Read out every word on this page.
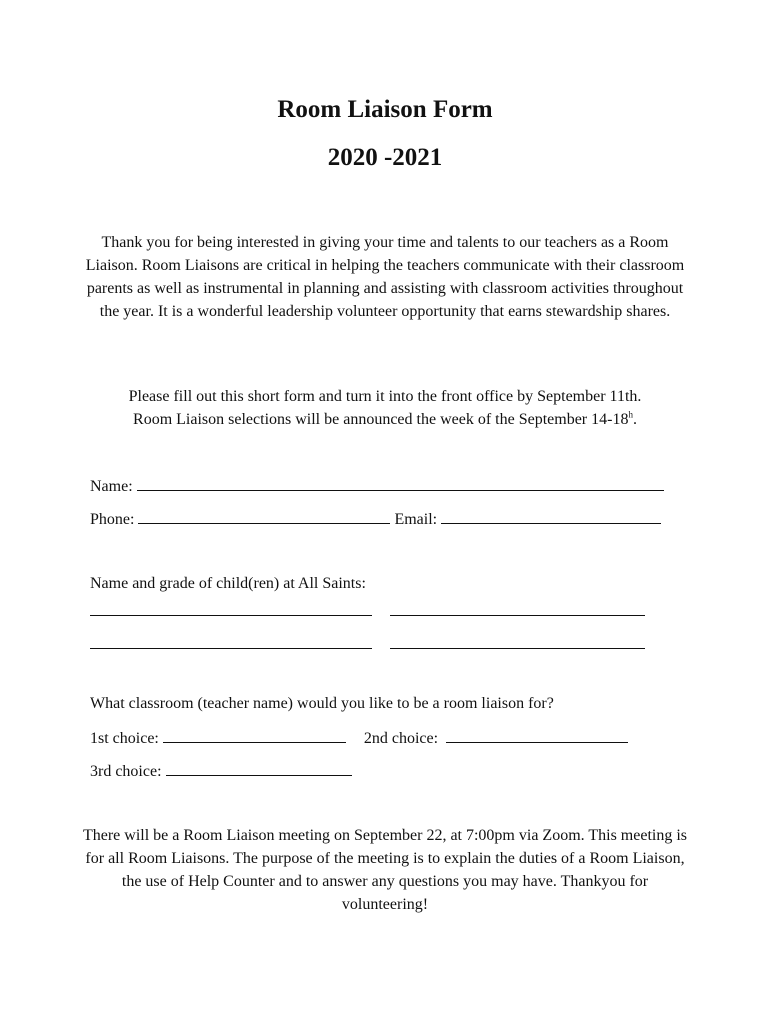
Room Liaison Form
2020 -2021
Thank you for being interested in giving your time and talents to our teachers as a Room Liaison. Room Liaisons are critical in helping the teachers communicate with their classroom parents as well as instrumental in planning and assisting with classroom activities throughout the year. It is a wonderful leadership volunteer opportunity that earns stewardship shares.
Please fill out this short form and turn it into the front office by September 11th.
Room Liaison selections will be announced the week of the September 14-18$^h$.
Name:
Phone:	Email:
Name and grade of child(ren) at All Saints:
What classroom (teacher name) would you like to be a room liaison for?
1st choice:	2nd choice:
3rd choice:
There will be a Room Liaison meeting on September 22, at 7:00pm via Zoom. This meeting is for all Room Liaisons. The purpose of the meeting is to explain the duties of a Room Liaison, the use of Help Counter and to answer any questions you may have. Thankyou for volunteering!
